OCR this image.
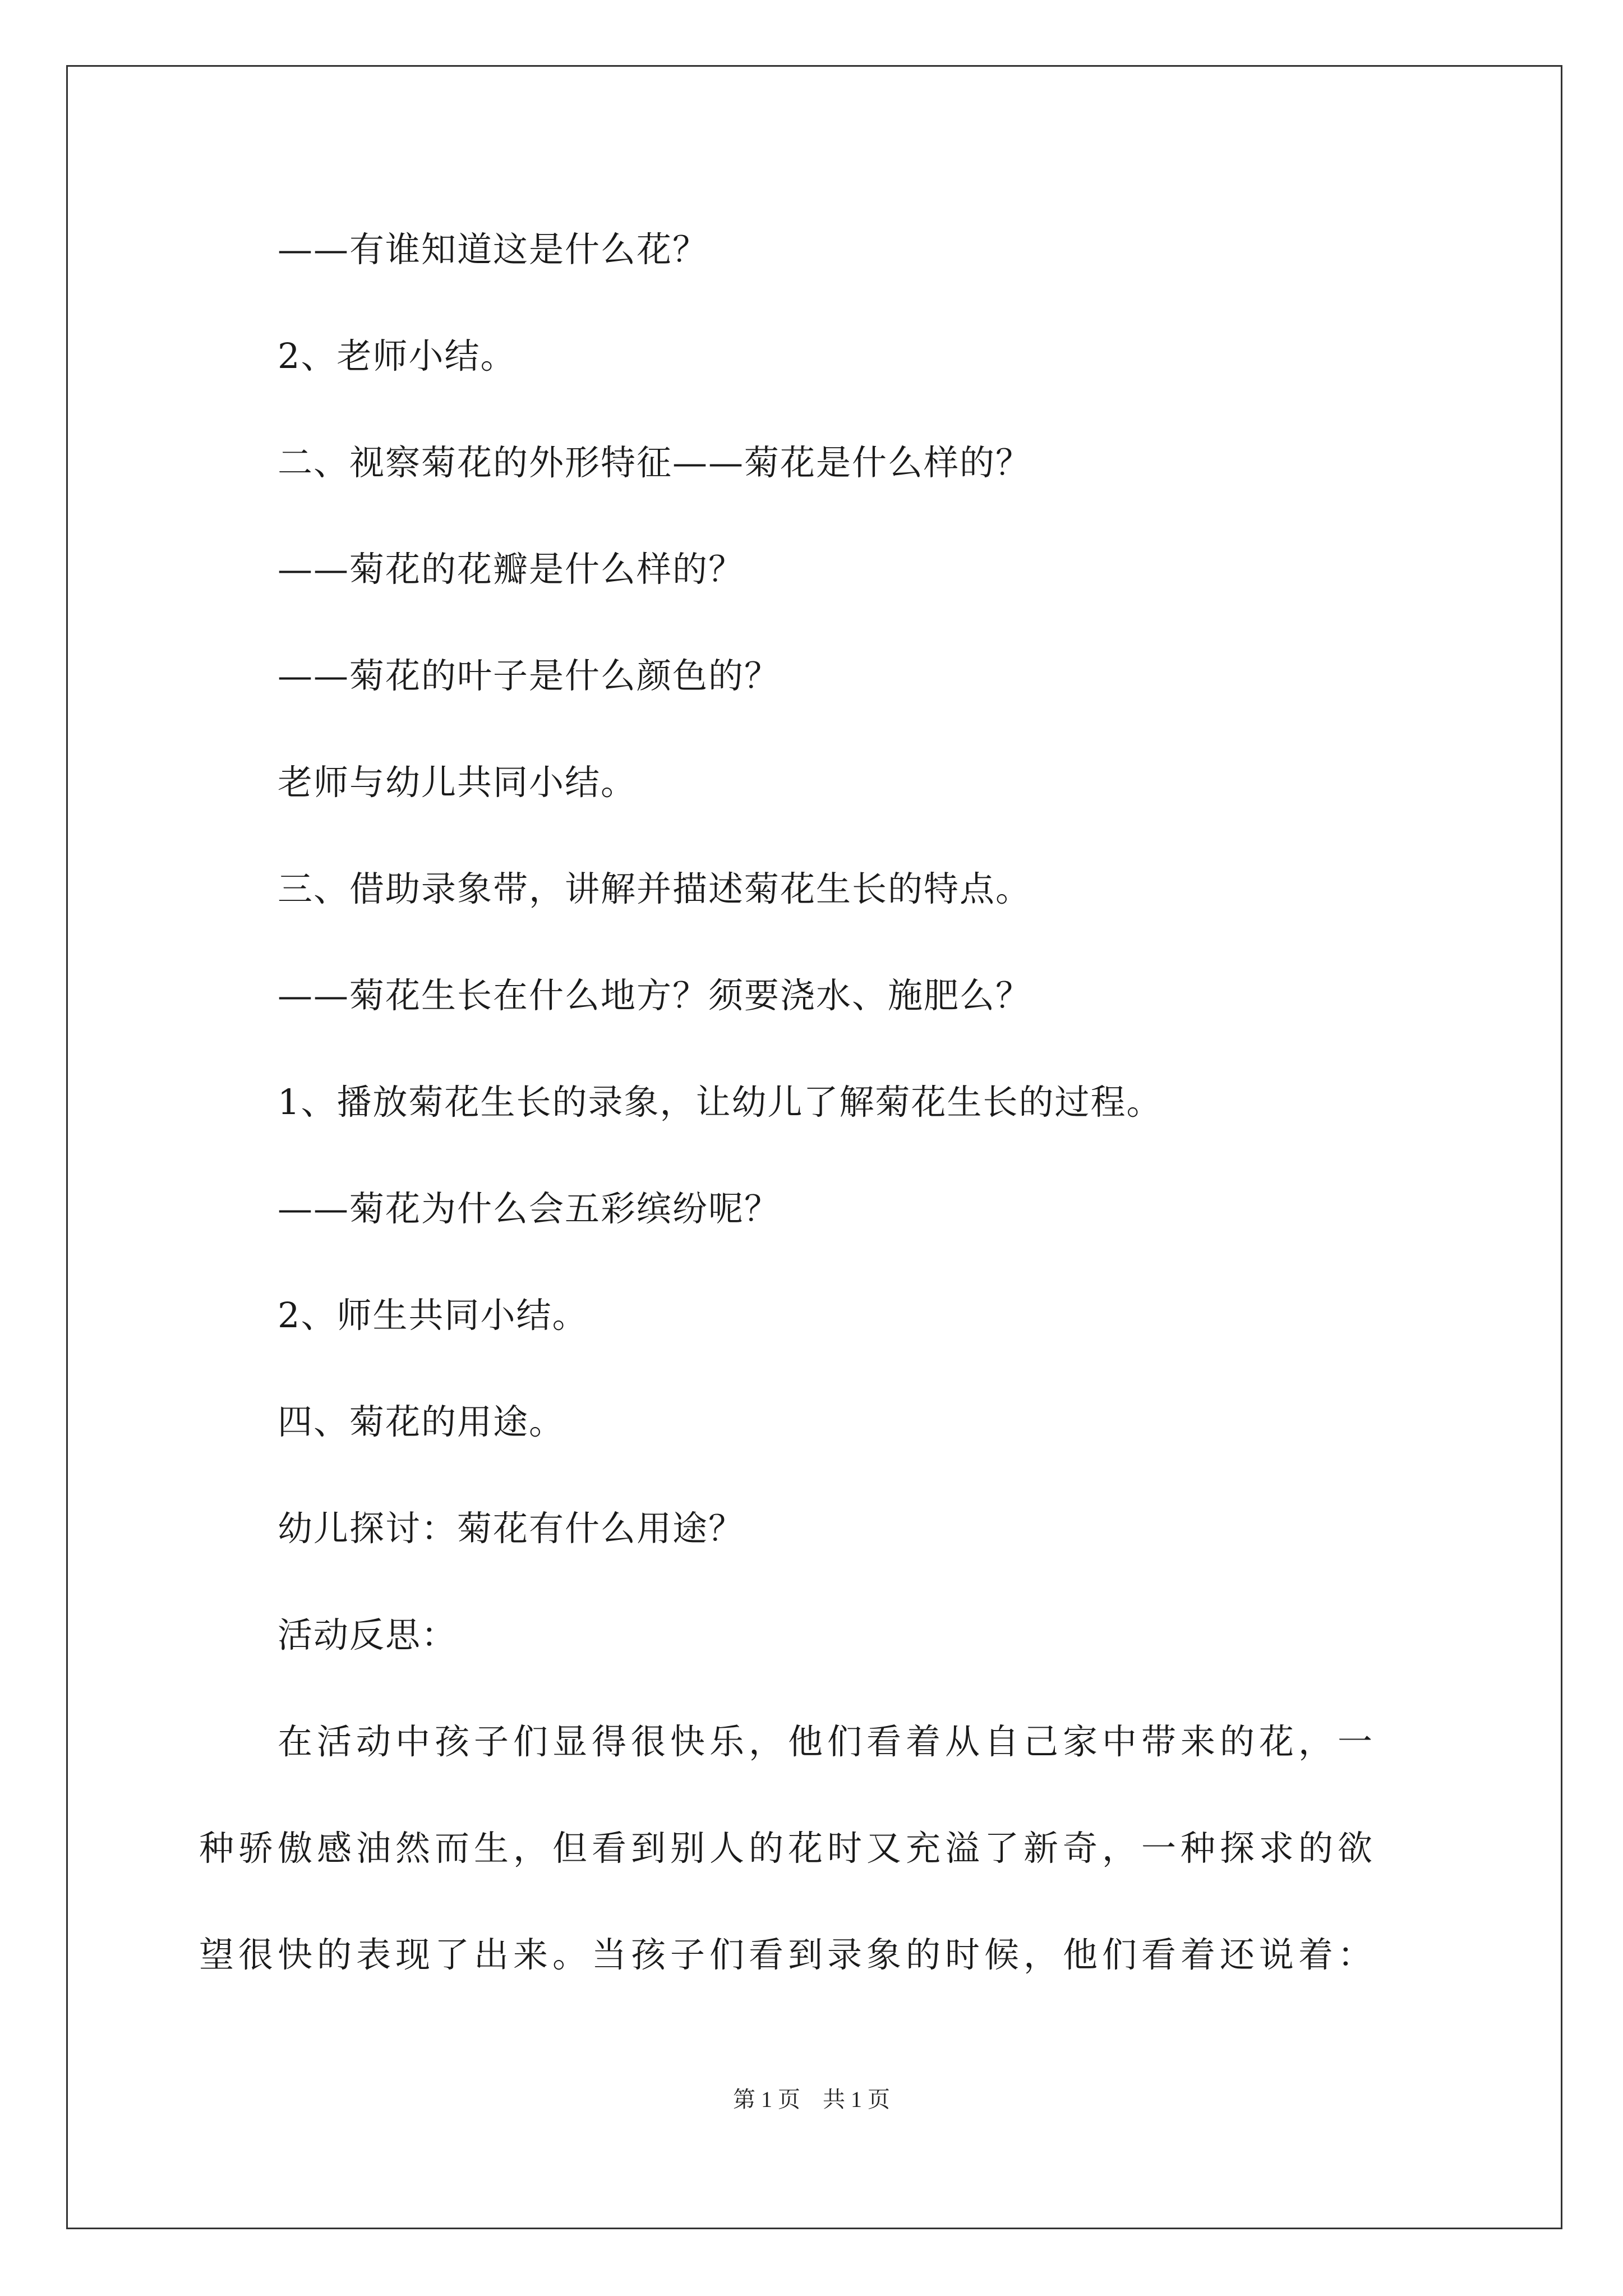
——有谁知道这是什么花？
2、老师小结。
二、视察菊花的外形特征——菊花是什么样的？
——菊花的花瓣是什么样的？
——菊花的叶子是什么颜色的？
老师与幼儿共同小结。
三、借助录象带，讲解并描述菊花生长的特点。
——菊花生长在什么地方？须要浇水、施肥么？
1、播放菊花生长的录象，让幼儿了解菊花生长的过程。
——菊花为什么会五彩缤纷呢？
2、师生共同小结。
四、菊花的用途。
幼儿探讨：菊花有什么用途？
活动反思：
在活动中孩子们显得很快乐，他们看着从自己家中带来的花，一
种骄傲感油然而生，但看到别人的花时又充溢了新奇，一种探求的欲
望很快的表现了出来。当孩子们看到录象的时候，他们看着还说着：
第 1 页　共 1 页
